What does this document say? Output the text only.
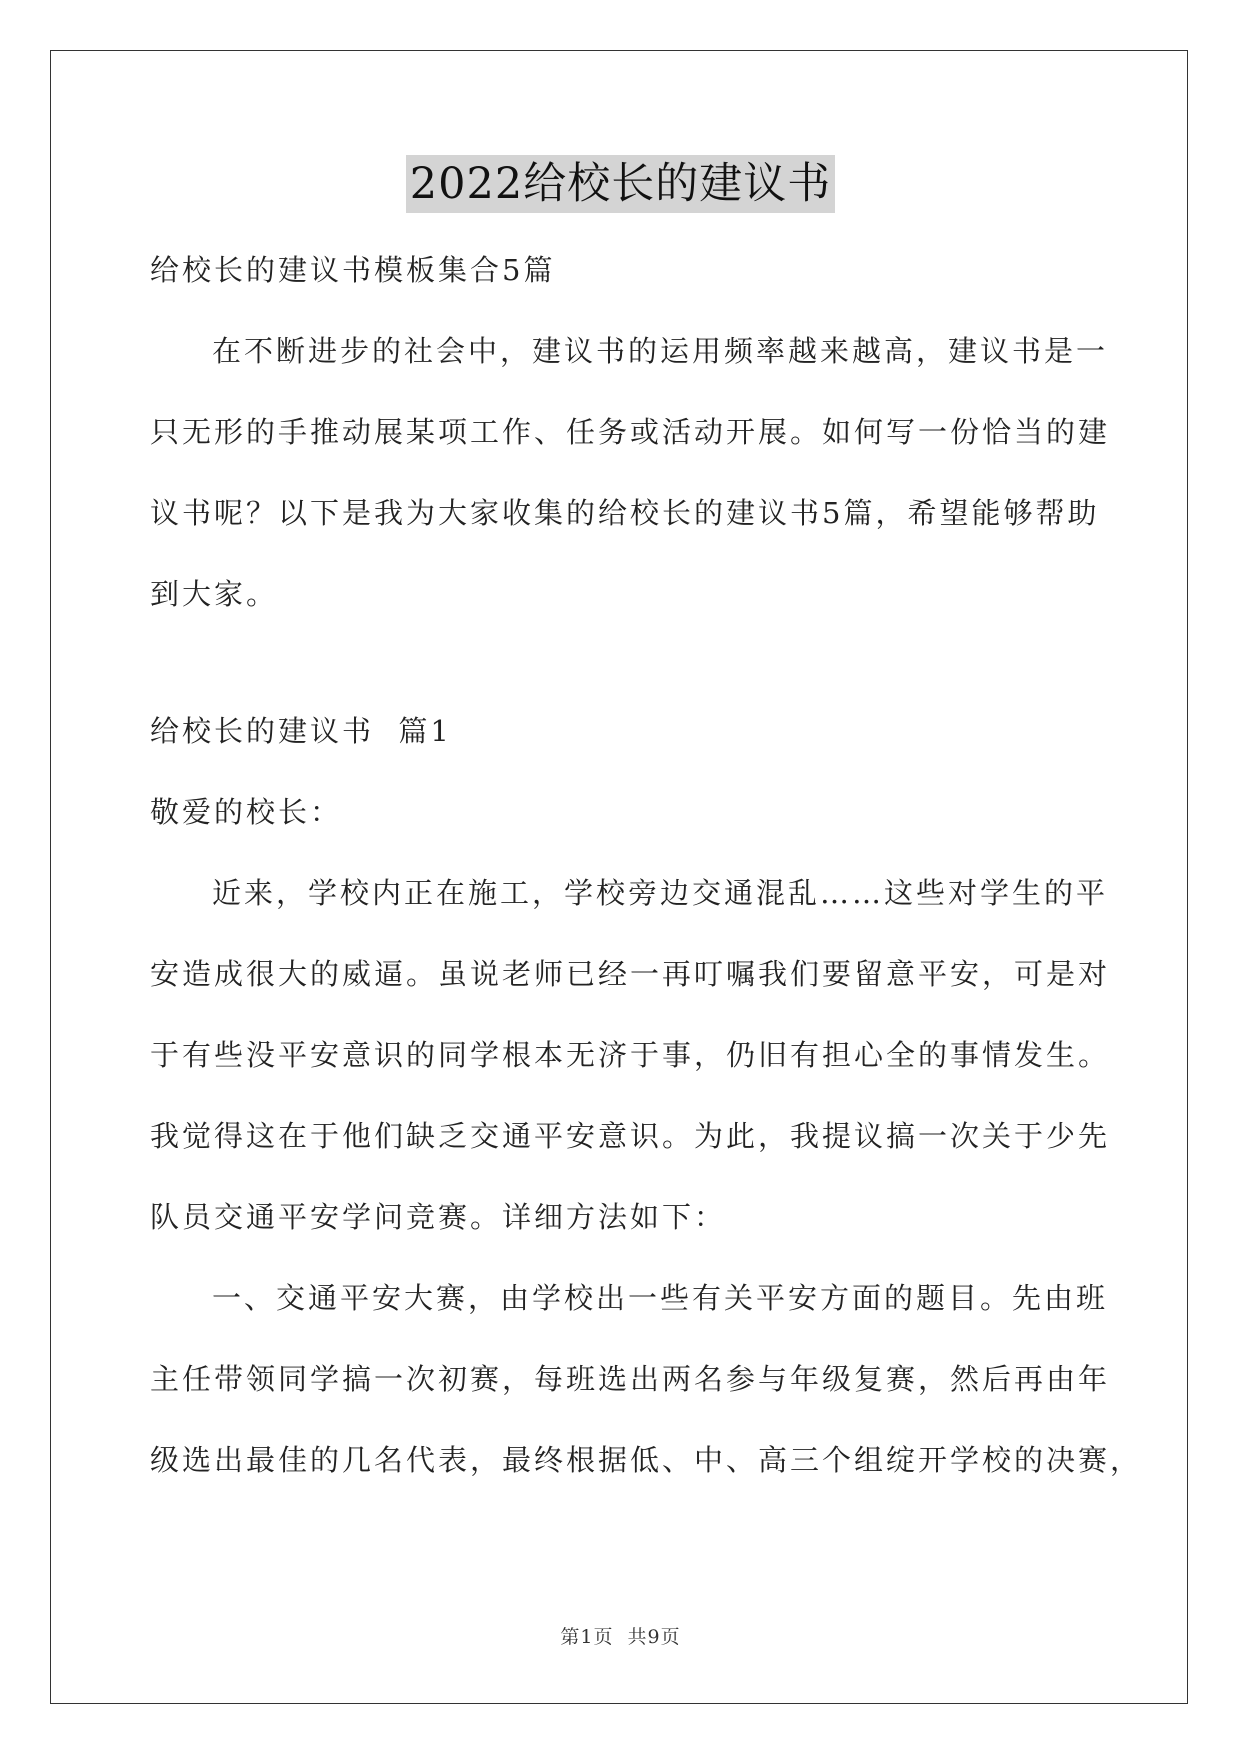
2022给校长的建议书
给校长的建议书模板集合5篇
在不断进步的社会中，建议书的运用频率越来越高，建议书是一
只无形的手推动展某项工作、任务或活动开展。如何写一份恰当的建
议书呢？以下是我为大家收集的给校长的建议书5篇，希望能够帮助
到大家。
给校长的建议书  篇1
敬爱的校长：
近来，学校内正在施工，学校旁边交通混乱……这些对学生的平
安造成很大的威逼。虽说老师已经一再叮嘱我们要留意平安，可是对
于有些没平安意识的同学根本无济于事，仍旧有担心全的事情发生。
我觉得这在于他们缺乏交通平安意识。为此，我提议搞一次关于少先
队员交通平安学问竞赛。详细方法如下：
一、交通平安大赛，由学校出一些有关平安方面的题目。先由班
主任带领同学搞一次初赛，每班选出两名参与年级复赛，然后再由年
级选出最佳的几名代表，最终根据低、中、高三个组绽开学校的决赛，
第1页  共9页
